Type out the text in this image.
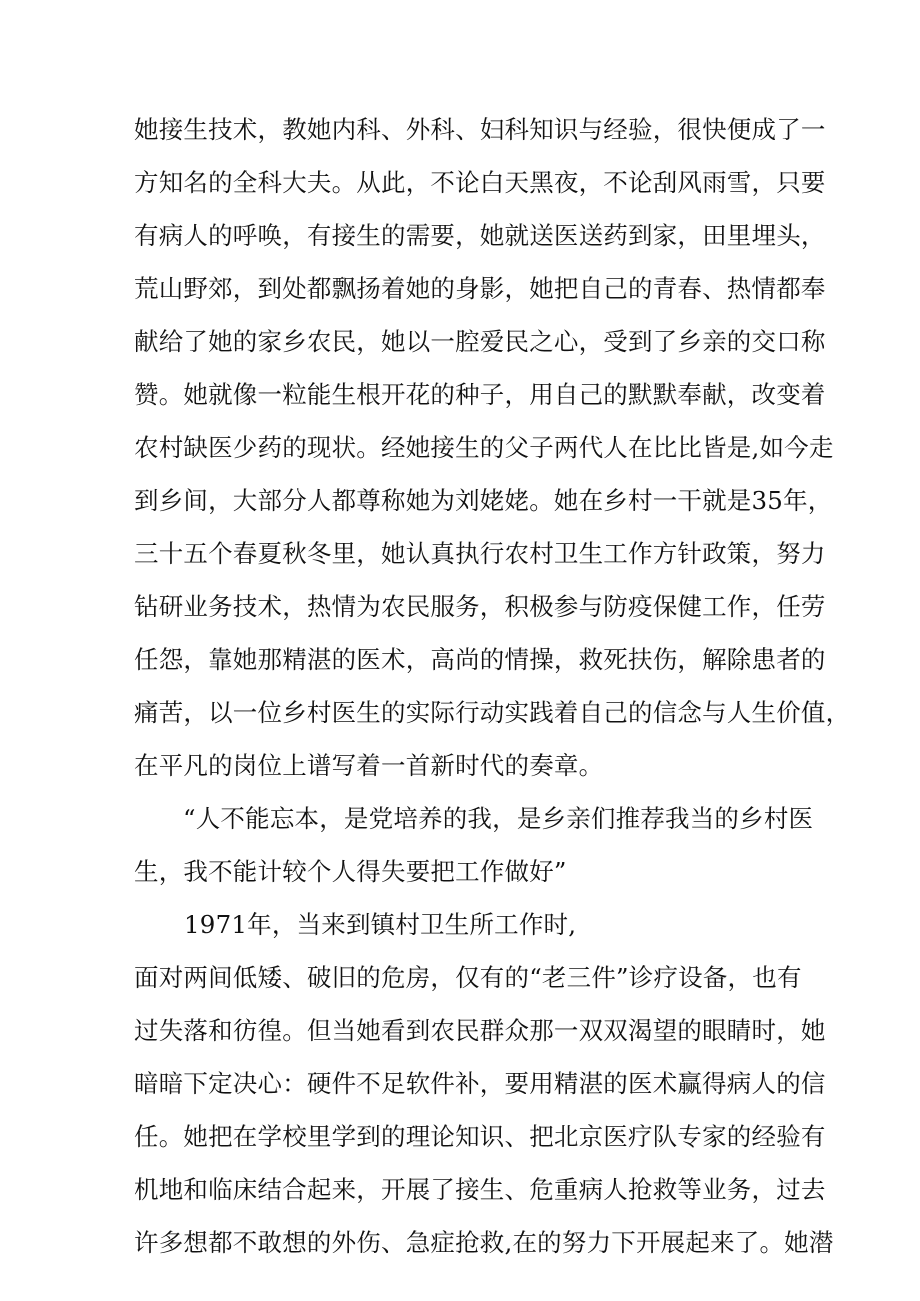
她接生技术，教她内科、外科、妇科知识与经验，很快便成了一
方知名的全科大夫。从此，不论白天黑夜，不论刮风雨雪，只要
有病人的呼唤，有接生的需要，她就送医送药到家，田里埋头，
荒山野郊，到处都飘扬着她的身影，她把自己的青春、热情都奉
献给了她的家乡农民，她以一腔爱民之心，受到了乡亲的交口称
赞。她就像一粒能生根开花的种子，用自己的默默奉献，改变着
农村缺医少药的现状。经她接生的父子两代人在比比皆是,如今走
到乡间，大部分人都尊称她为刘姥姥。她在乡村一干就是35年，
三十五个春夏秋冬里，她认真执行农村卫生工作方针政策，努力
钻研业务技术，热情为农民服务，积极参与防疫保健工作，任劳
任怨，靠她那精湛的医术，高尚的情操，救死扶伤，解除患者的
痛苦，以一位乡村医生的实际行动实践着自己的信念与人生价值，
在平凡的岗位上谱写着一首新时代的奏章。
“人不能忘本，是党培养的我，是乡亲们推荐我当的乡村医
生，我不能计较个人得失要把工作做好”
1971年，当来到镇村卫生所工作时,
面对两间低矮、破旧的危房，仅有的“老三件”诊疗设备，也有
过失落和彷徨。但当她看到农民群众那一双双渴望的眼睛时，她
暗暗下定决心：硬件不足软件补，要用精湛的医术赢得病人的信
任。她把在学校里学到的理论知识、把北京医疗队专家的经验有
机地和临床结合起来，开展了接生、危重病人抢救等业务，过去
许多想都不敢想的外伤、急症抢救,在的努力下开展起来了。她潜
